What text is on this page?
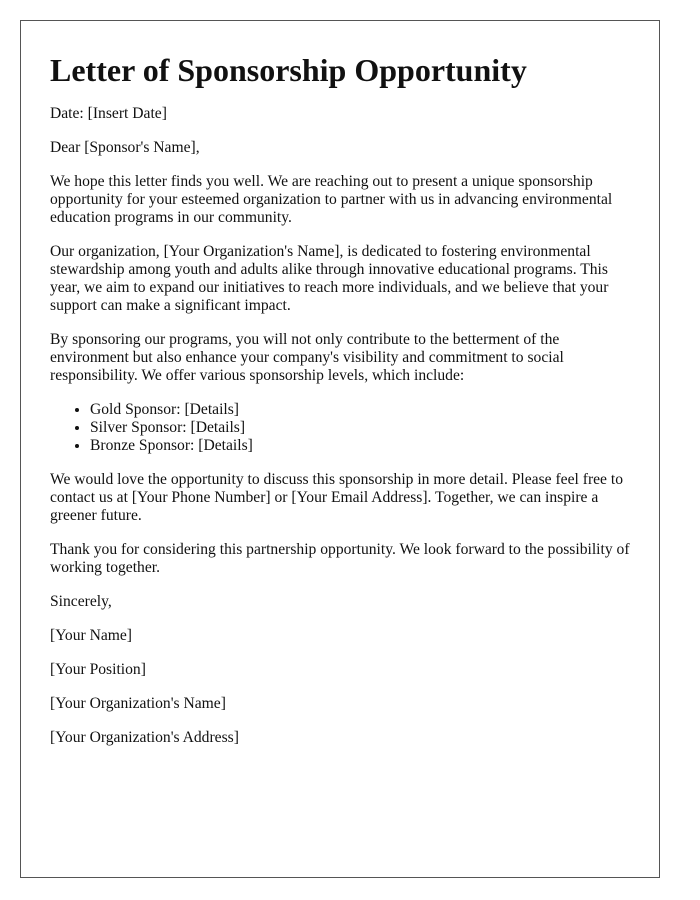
Letter of Sponsorship Opportunity

Date: [Insert Date]

Dear [Sponsor's Name],

We hope this letter finds you well. We are reaching out to present a unique sponsorship opportunity for your esteemed organization to partner with us in advancing environmental education programs in our community.

Our organization, [Your Organization's Name], is dedicated to fostering environmental stewardship among youth and adults alike through innovative educational programs. This year, we aim to expand our initiatives to reach more individuals, and we believe that your support can make a significant impact.

By sponsoring our programs, you will not only contribute to the betterment of the environment but also enhance your company's visibility and commitment to social responsibility. We offer various sponsorship levels, which include:

• Gold Sponsor: [Details]
• Silver Sponsor: [Details]
• Bronze Sponsor: [Details]

We would love the opportunity to discuss this sponsorship in more detail. Please feel free to contact us at [Your Phone Number] or [Your Email Address]. Together, we can inspire a greener future.

Thank you for considering this partnership opportunity. We look forward to the possibility of working together.

Sincerely,

[Your Name]

[Your Position]

[Your Organization's Name]

[Your Organization's Address]
